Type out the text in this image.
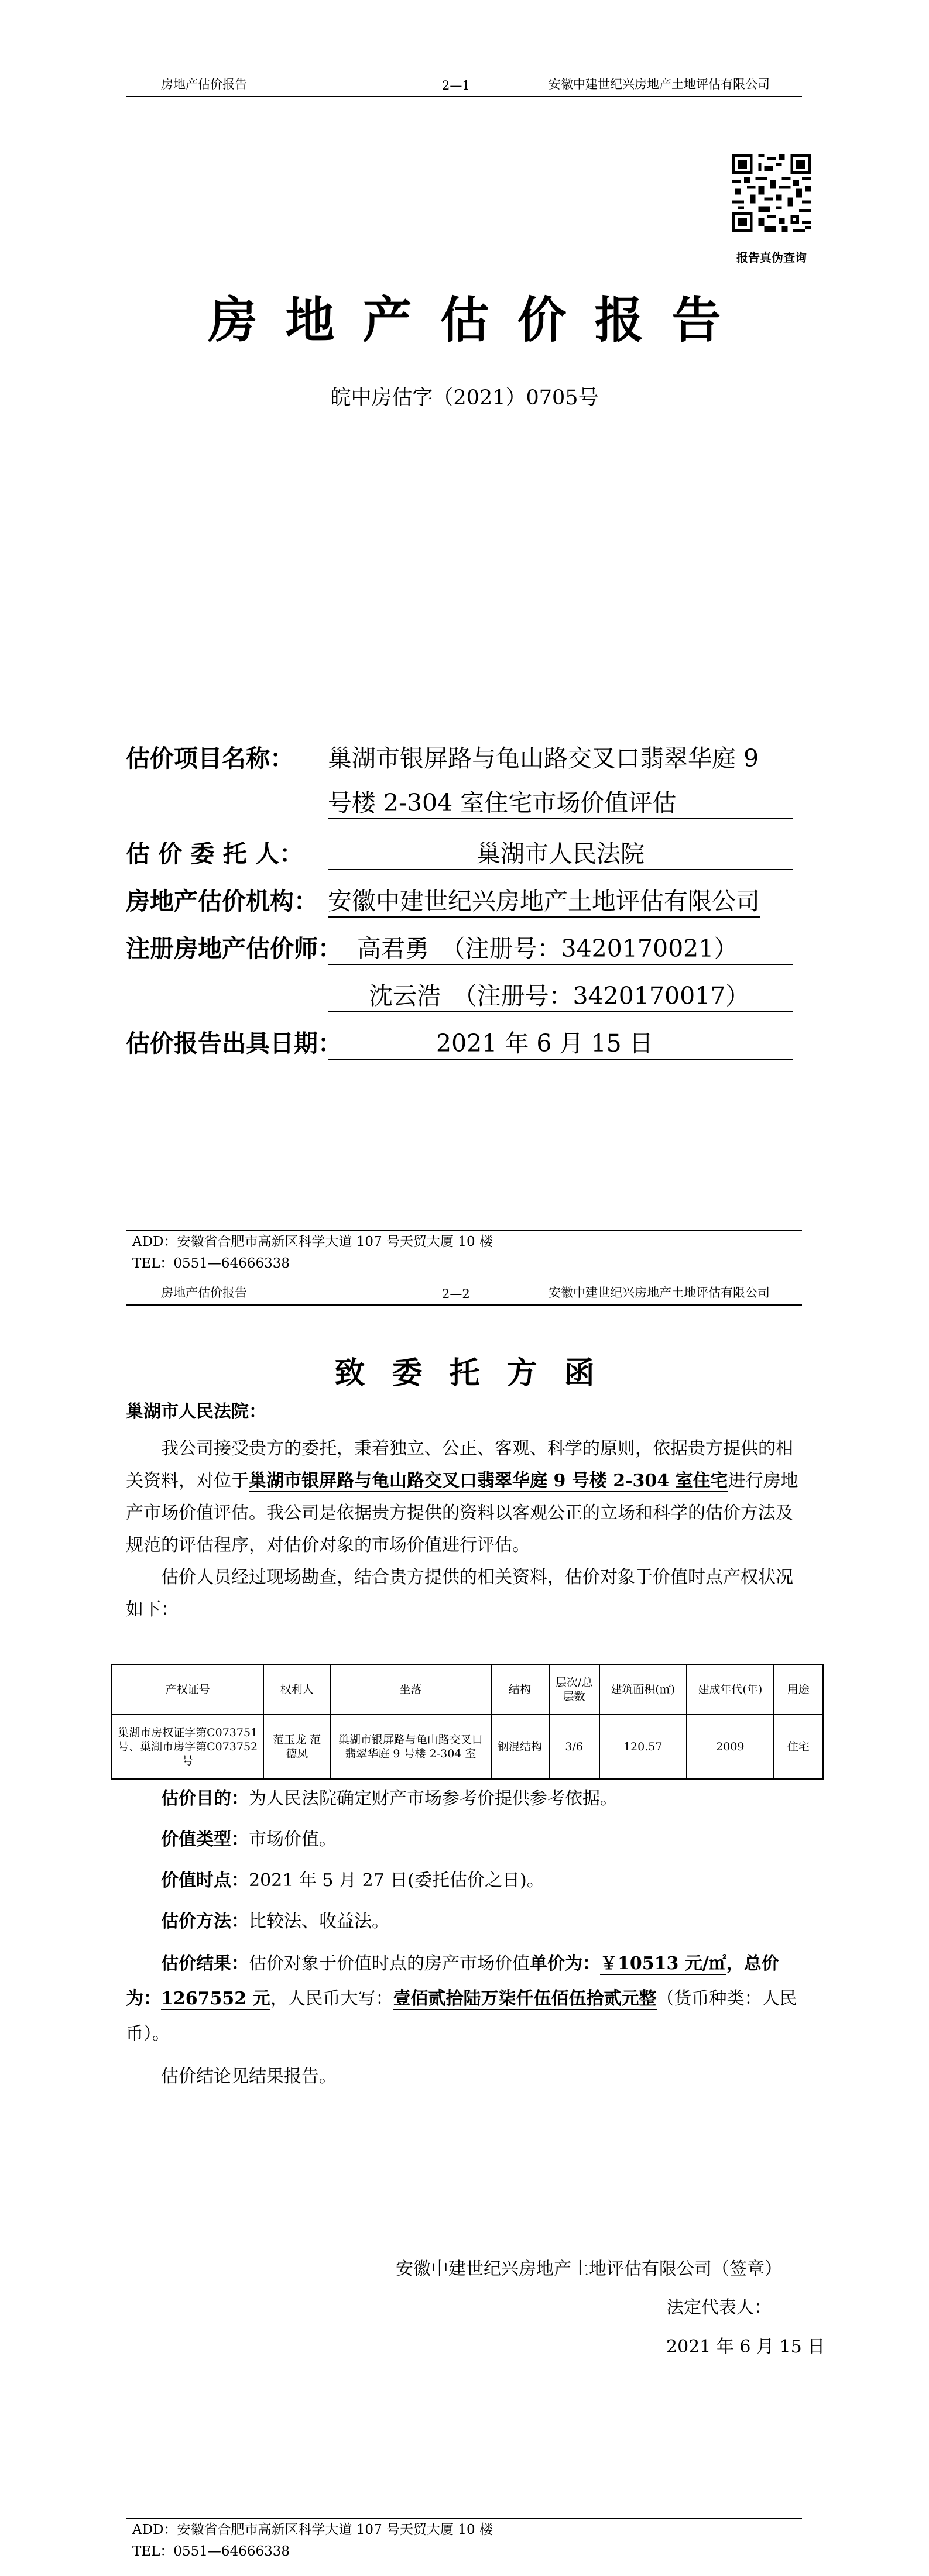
房地产估价报告	2—1	安徽中建世纪兴房地产土地评估有限公司
报告真伪查询
房地产估价报告
皖中房估字（2021）0705号
估价项目名称： 巢湖市银屏路与龟山路交叉口翡翠华庭 9
号楼 2-304 室住宅市场价值评估
估 价 委 托 人：	巢湖市人民法院
房地产估价机构： 安徽中建世纪兴房地产土地评估有限公司
注册房地产估价师： 高君勇　（注册号：3420170021）
沈云浩　（注册号：3420170017）
估价报告出具日期：	2021 年 6 月 15 日
ADD：安徽省合肥市高新区科学大道 107 号天贸大厦 10 楼
TEL：0551—64666338
房地产估价报告	2—2	安徽中建世纪兴房地产土地评估有限公司
致委托方函
巢湖市人民法院：
我公司接受贵方的委托，秉着独立、公正、客观、科学的原则，依据贵方提供的相关资料，对位于巢湖市银屏路与龟山路交叉口翡翠华庭 9 号楼 2-304 室住宅进行房地产市场价值评估。我公司是依据贵方提供的资料以客观公正的立场和科学的估价方法及规范的评估程序，对估价对象的市场价值进行评估。
估价人员经过现场勘查，结合贵方提供的相关资料，估价对象于价值时点产权状况如下：
产权证号	权利人	坐落	结构	层次/总层数	建筑面积(㎡)	建成年代(年)	用途
巢湖市房权证字第C073751号、巢湖市房字第C073752号	范玉龙 范德凤	巢湖市银屏路与龟山路交叉口翡翠华庭 9 号楼 2-304 室	钢混结构	3/6	120.57	2009	住宅
估价目的：为人民法院确定财产市场参考价提供参考依据。
价值类型：市场价值。
价值时点：2021 年 5 月 27 日(委托估价之日)。
估价方法：比较法、收益法。
估价结果：估价对象于价值时点的房产市场价值单价为：￥10513 元/㎡，总价为：1267552 元，人民币大写：壹佰贰拾陆万柒仟伍佰伍拾贰元整（货币种类：人民币）。
估价结论见结果报告。
安徽中建世纪兴房地产土地评估有限公司（签章）
法定代表人：
2021 年 6 月 15 日
ADD：安徽省合肥市高新区科学大道 107 号天贸大厦 10 楼
TEL：0551—64666338
